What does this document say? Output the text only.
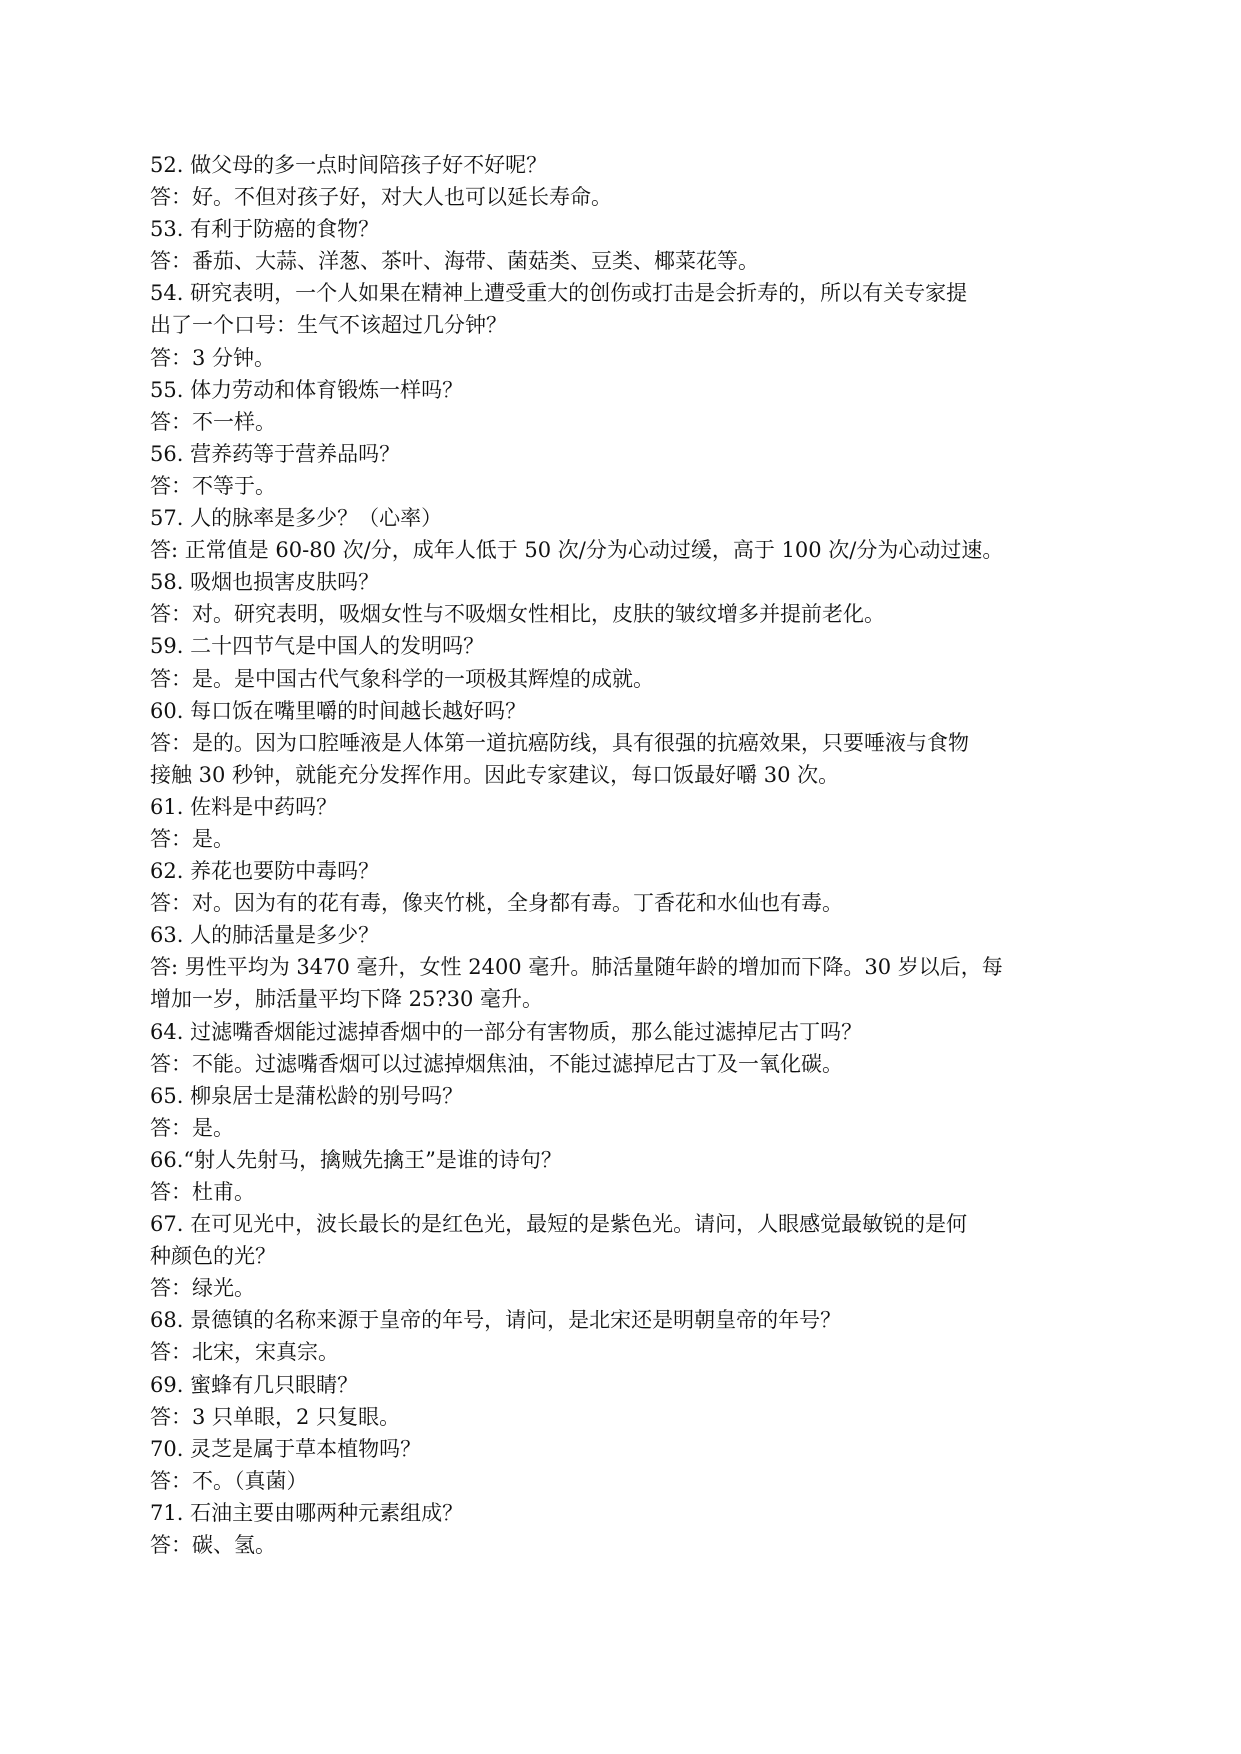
52. 做父母的多一点时间陪孩子好不好呢？
答：好。不但对孩子好，对大人也可以延长寿命。
53. 有利于防癌的食物？
答：番茄、大蒜、洋葱、茶叶、海带、菌菇类、豆类、椰菜花等。
54. 研究表明，一个人如果在精神上遭受重大的创伤或打击是会折寿的，所以有关专家提
出了一个口号：生气不该超过几分钟？
答：3 分钟。
55. 体力劳动和体育锻炼一样吗？
答：不一样。
56. 营养药等于营养品吗？
答：不等于。
57. 人的脉率是多少？（心率）
答: 正常值是 60-80 次/分，成年人低于 50 次/分为心动过缓，高于 100 次/分为心动过速。
58. 吸烟也损害皮肤吗？
答：对。研究表明，吸烟女性与不吸烟女性相比，皮肤的皱纹增多并提前老化。
59. 二十四节气是中国人的发明吗？
答：是。是中国古代气象科学的一项极其辉煌的成就。
60. 每口饭在嘴里嚼的时间越长越好吗？
答：是的。因为口腔唾液是人体第一道抗癌防线，具有很强的抗癌效果，只要唾液与食物
接触 30 秒钟，就能充分发挥作用。因此专家建议，每口饭最好嚼 30 次。
61. 佐料是中药吗？
答：是。
62. 养花也要防中毒吗？
答：对。因为有的花有毒，像夹竹桃，全身都有毒。丁香花和水仙也有毒。
63. 人的肺活量是多少？
答: 男性平均为 3470 毫升，女性 2400 毫升。肺活量随年龄的增加而下降。30 岁以后，每
增加一岁，肺活量平均下降 25?30 毫升。
64. 过滤嘴香烟能过滤掉香烟中的一部分有害物质，那么能过滤掉尼古丁吗？
答：不能。过滤嘴香烟可以过滤掉烟焦油，不能过滤掉尼古丁及一氧化碳。
65. 柳泉居士是蒲松龄的别号吗？
答：是。
66.“射人先射马，擒贼先擒王”是谁的诗句？
答：杜甫。
67. 在可见光中，波长最长的是红色光，最短的是紫色光。请问，人眼感觉最敏锐的是何
种颜色的光？
答：绿光。
68. 景德镇的名称来源于皇帝的年号，请问，是北宋还是明朝皇帝的年号？
答：北宋，宋真宗。
69. 蜜蜂有几只眼睛？
答：3 只单眼，2 只复眼。
70. 灵芝是属于草本植物吗？
答：不。（真菌）
71. 石油主要由哪两种元素组成？
答：碳、氢。
